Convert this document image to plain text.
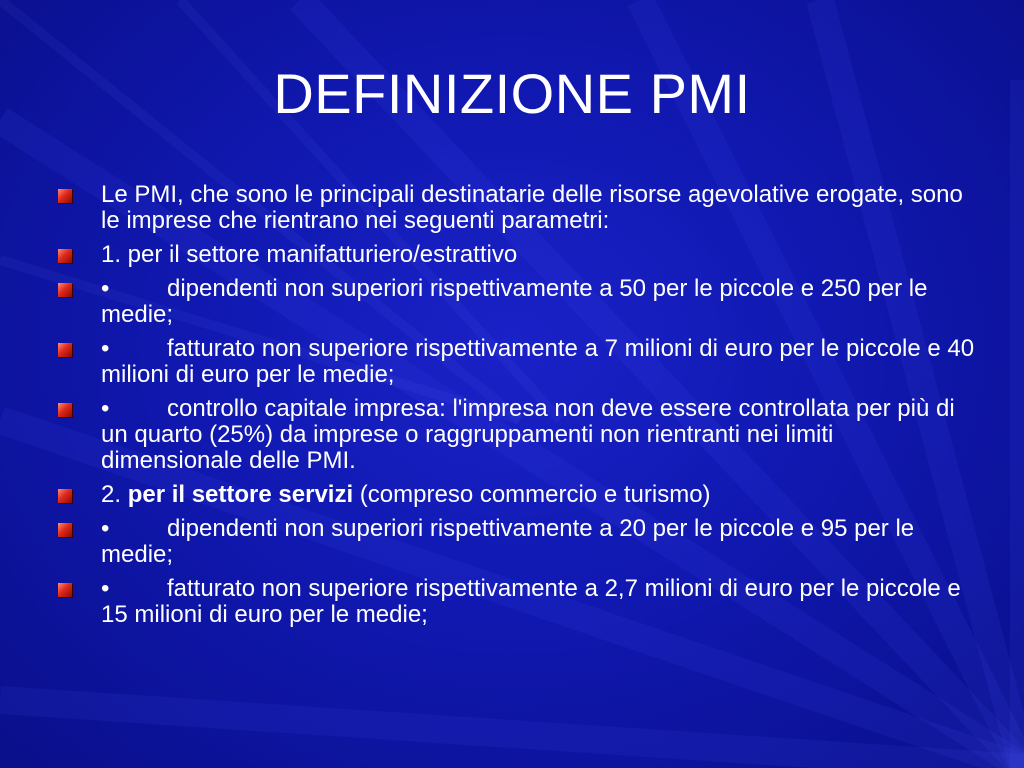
DEFINIZIONE PMI
Le PMI, che sono le principali destinatarie delle risorse agevolative erogate, sono le imprese che rientrano nei seguenti parametri:
1. per il settore manifatturiero/estrattivo
• dipendenti non superiori rispettivamente a 50 per le piccole e 250 per le medie;
• fatturato non superiore rispettivamente a 7 milioni di euro per le piccole e 40 milioni di euro per le medie;
• controllo capitale impresa: l'impresa non deve essere controllata per più di un quarto (25%) da imprese o raggruppamenti non rientranti nei limiti dimensionale delle PMI.
2. per il settore servizi (compreso commercio e turismo)
• dipendenti non superiori rispettivamente a 20 per le piccole e 95 per le medie;
• fatturato non superiore rispettivamente a 2,7 milioni di euro per le piccole e 15 milioni di euro per le medie;
